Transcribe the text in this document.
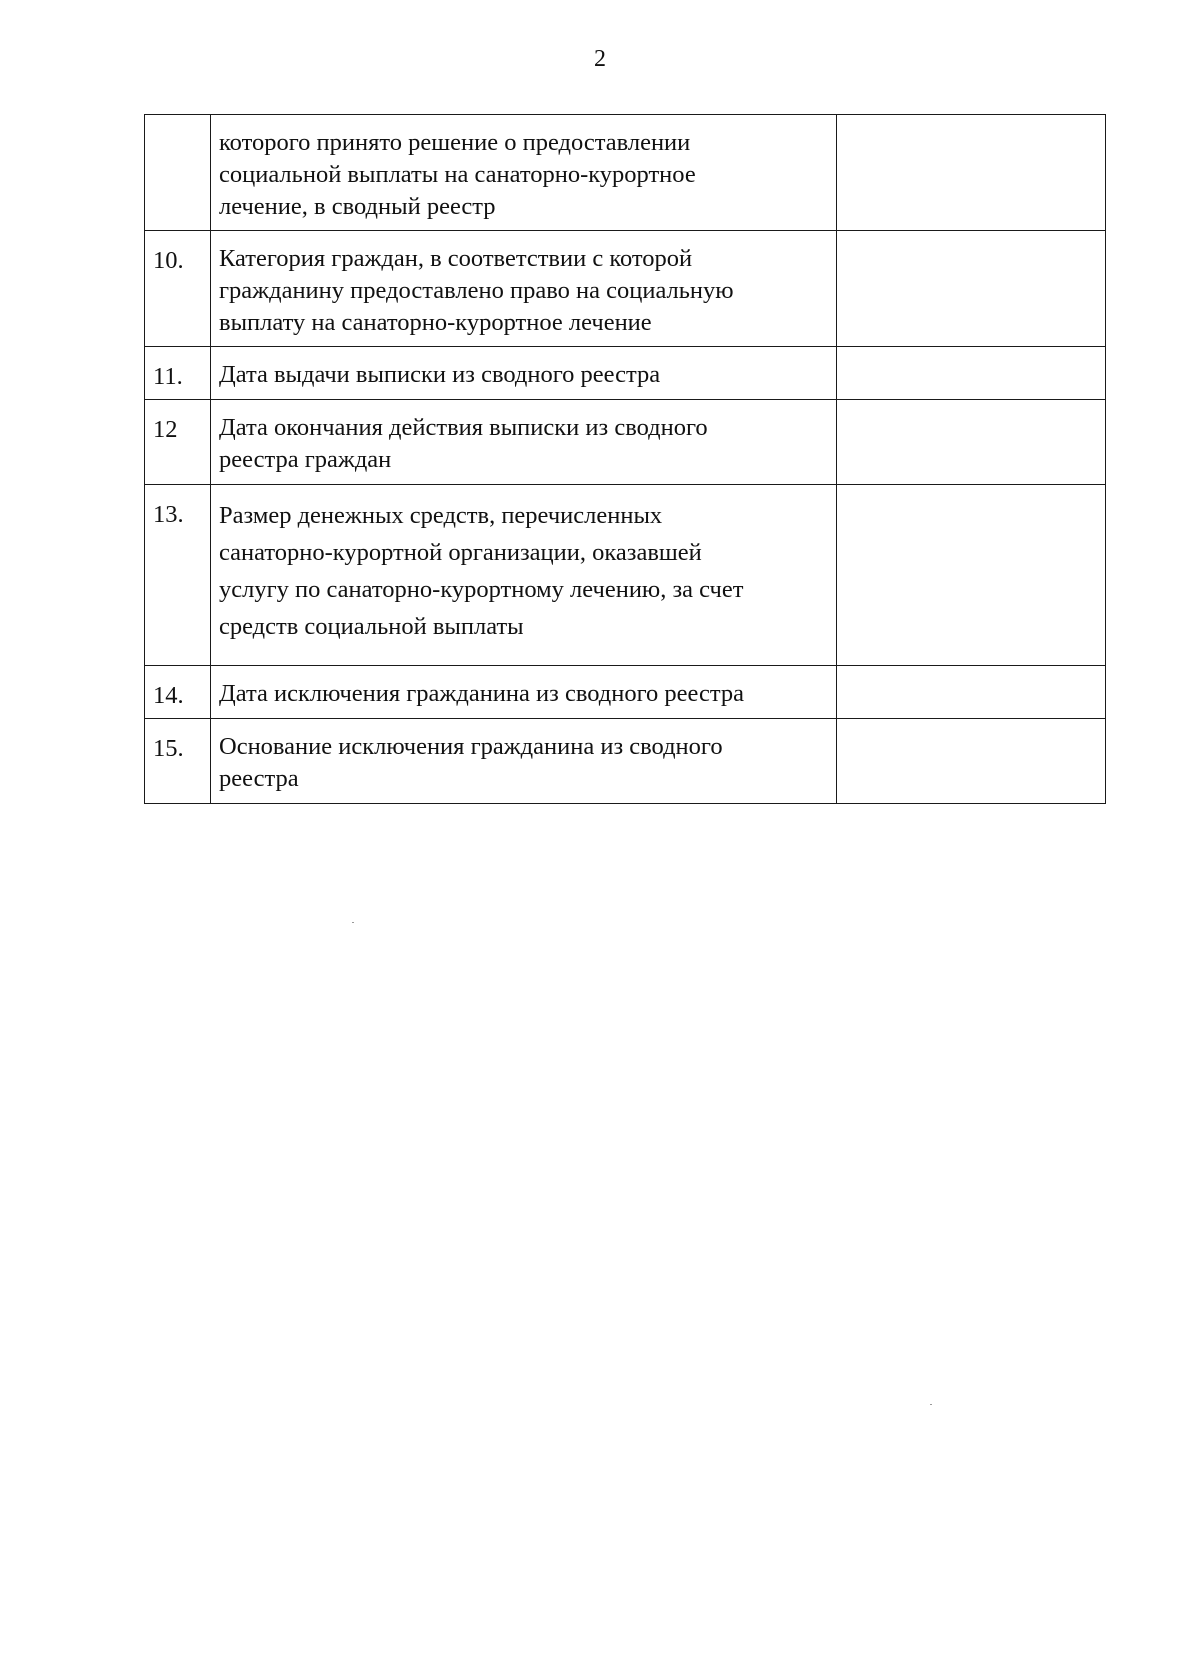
2

	которого принято решение о предоставлении
социальной выплаты на санаторно-курортное
лечение, в сводный реестр	

10.	Категория граждан, в соответствии с которой
гражданину предоставлено право на социальную
выплату на санаторно-курортное лечение	

11.	Дата выдачи выписки из сводного реестра	

12	Дата окончания действия выписки из сводного
реестра граждан	

13.	Размер денежных средств, перечисленных
санаторно-курортной организации, оказавшей
услугу по санаторно-курортному лечению, за счет
средств социальной выплаты	

14.	Дата исключения гражданина из сводного реестра	

15.	Основание исключения гражданина из сводного
реестра	
